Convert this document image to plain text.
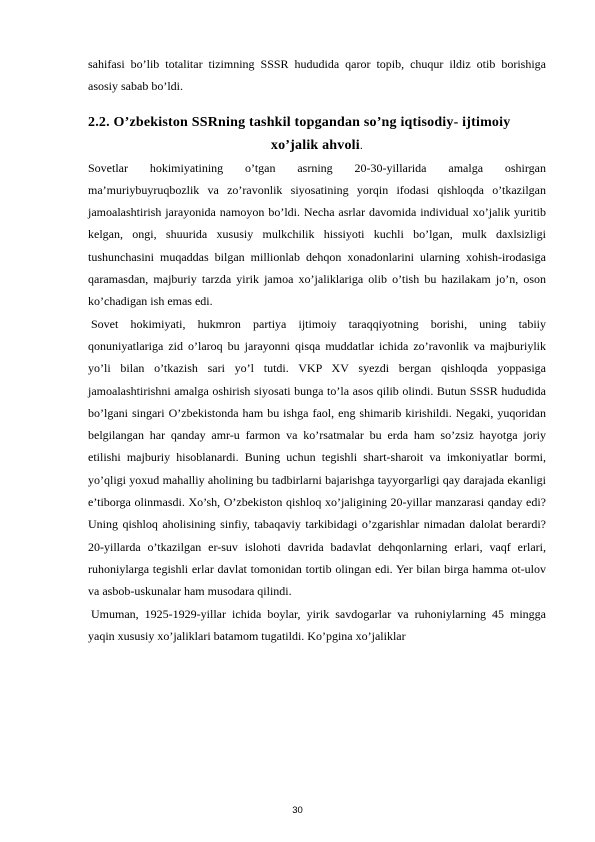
sahifasi bo’lib totalitar tizimning SSSR hududida qaror topib, chuqur ildiz otib borishiga asosiy sabab bo’ldi.

2.2. O’zbekiston SSRning tashkil topgandan so’ng iqtisodiy- ijtimoiy
xo’jalik ahvoli.

Sovetlar hokimiyatining o’tgan asrning 20-30-yillarida amalga oshirgan ma’muriybuyruqbozlik va zo’ravonlik siyosatining yorqin ifodasi qishloqda o’tkazilgan jamoalashtirish jarayonida namoyon bo’ldi. Necha asrlar davomida individual xo’jalik yuritib kelgan, ongi, shuurida xususiy mulkchilik hissiyoti kuchli bo’lgan, mulk daxlsizligi tushunchasini muqaddas bilgan millionlab dehqon xonadonlarini ularning xohish-irodasiga qaramasdan, majburiy tarzda yirik jamoa xo’jaliklariga olib o’tish bu hazilakam jo’n, oson ko’chadigan ish emas edi.

Sovet hokimiyati, hukmron partiya ijtimoiy taraqqiyotning borishi, uning tabiiy qonuniyatlariga zid o’laroq bu jarayonni qisqa muddatlar ichida zo’ravonlik va majburiylik yo’li bilan o’tkazish sari yo’l tutdi. VKP XV syezdi bergan qishloqda yoppasiga jamoalashtirishni amalga oshirish siyosati bunga to’la asos qilib olindi. Butun SSSR hududida bo’lgani singari O’zbekistonda ham bu ishga faol, eng shimarib kirishildi. Negaki, yuqoridan belgilangan har qanday amr-u farmon va ko’rsatmalar bu erda ham so’zsiz hayotga joriy etilishi majburiy hisoblanardi. Buning uchun tegishli shart-sharoit va imkoniyatlar bormi, yo’qligi yoxud mahalliy aholining bu tadbirlarni bajarishga tayyorgarligi qay darajada ekanligi e’tiborga olinmasdi. Xo’sh, O’zbekiston qishloq xo’jaligining 20-yillar manzarasi qanday edi? Uning qishloq aholisining sinfiy, tabaqaviy tarkibidagi o’zgarishlar nimadan dalolat berardi? 20-yillarda o’tkazilgan er-suv islohoti davrida badavlat dehqonlarning erlari, vaqf erlari, ruhoniylarga tegishli erlar davlat tomonidan tortib olingan edi. Yer bilan birga hamma ot-ulov va asbob-uskunalar ham musodara qilindi.

Umuman, 1925-1929-yillar ichida boylar, yirik savdogarlar va ruhoniylarning 45 mingga yaqin xususiy xo’jaliklari batamom tugatildi. Ko’pgina xo’jaliklar

30
